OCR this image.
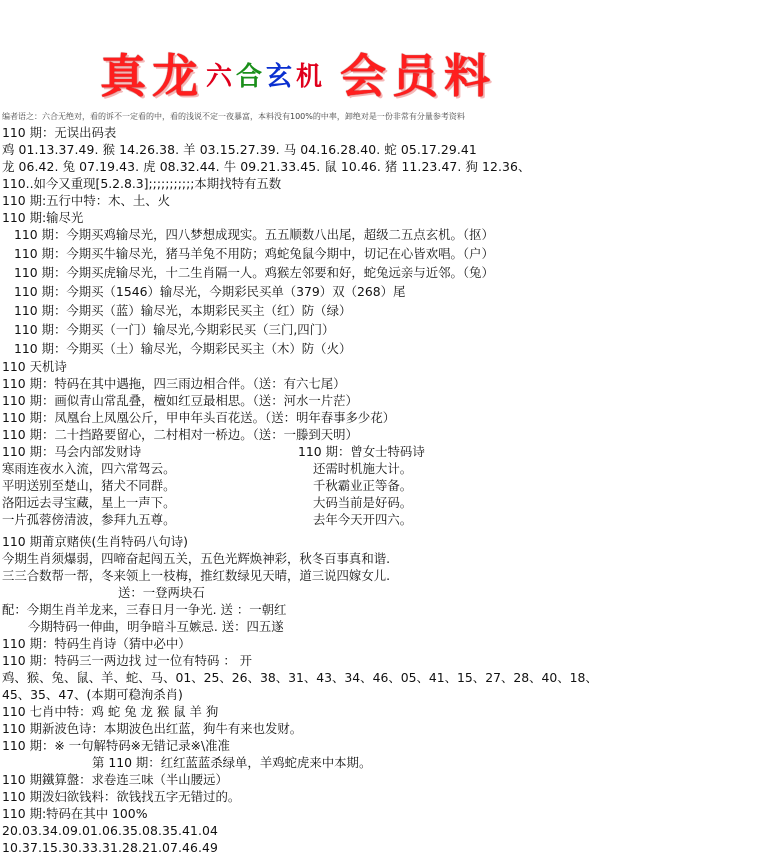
真 龙 六 合 玄 机 会 员 料
编者语之：六合无绝对，看的诉不一定看的中，看的浅说不定一夜暴富，本料没有100%的中率，卸绝对是一份非常有分量参考资料
110 期：无误出码表
鸡 01.13.37.49. 猴 14.26.38. 羊 03.15.27.39. 马 04.16.28.40. 蛇 05.17.29.41
龙 06.42. 兔 07.19.43. 虎 08.32.44. 牛 09.21.33.45. 鼠 10.46. 猪 11.23.47. 狗 12.36、
110..如今又重现[5.2.8.3];;;;;;;;;;;本期找特有五数
110 期:五行中特：木、土、火
110 期:输尽光
110 期：今期买鸡输尽光，四八梦想成现实。五五顺数八出尾，超级二五点玄机。（抠）
110 期：今期买牛输尽光，猪马羊兔不用防；鸡蛇兔鼠今期中，切记在心皆欢唱。（户）
110 期：今期买虎输尽光，十二生肖隔一人。鸡猴左邻要和好，蛇兔远亲与近邻。（兔）
110 期：今期买（1546）输尽光，今期彩民买单（379）双（268）尾
110 期：今期买（蓝）输尽光，本期彩民买主（红）防（绿）
110 期：今期买（一门）输尽光,今期彩民买（三门,四门）
110 期：今期买（土）输尽光，今期彩民买主（木）防（火）
110 天机诗
110 期：特码在其中遇拖，四三雨边相合伴。（送：有六七尾）
110 期：画似青山常乱叠，檀如红豆最相思。（送：河水一片茫）
110 期：凤凰台上凤凰公斤，甲申年头百花送。（送：明年春事多少花）
110 期：二十挡路要留心，二村相对一桥边。（送：一滕到天明）
110 期：马会内部发财诗	110 期：曾女士特码诗
寒雨连夜水入流，四六常驾云。	还需时机施大计。
平明送别至楚山，猪犬不同群。	千秋霸业正等备。
洛阳远去寻宝藏，星上一声下。	大码当前是好码。
一片孤蓉傍清波，参拜九五尊。	去年今天开四六。
110 期莆京赌侠(生肖特码八句诗)
今期生肖须爆弱，四啼奋起闯五关，五色光辉焕神彩，秋冬百事真和谐.
三三合数帮一帮，冬来领上一枝梅，推红数绿见天晴，道三说四嫁女儿.
送：一登两块石
配：今期生肖羊龙来，三春日月一争光. 送 ：一朝红
今期特码一伸曲，明争暗斗互嫉忌. 送：四五遂
110 期：特码生肖诗（猜中必中）
110 期：特码三一两边找 过一位有特码 ： 开
鸡、猴、兔、鼠、羊、蛇、马、01、25、26、38、31、43、34、46、05、41、15、27、28、40、18、
45、35、47、(本期可稳洵杀肖)
110 七肖中特：鸡 蛇 兔 龙 猴 鼠 羊 狗
110 期新波色诗：本期波色出红蓝，狗牛有来也发财。
110 期：※ 一句解特码※无错记录※\准准
第 110 期：红红蓝蓝杀绿单，羊鸡蛇虎来中本期。
110 期鐵算盤：求卷连三味（半山腰远）
110 期泼妇欲钱料：欲钱找五字无错过的。
110 期:特码在其中 100%
20.03.34.09.01.06.35.08.35.41.04
10.37.15.30.33.31.28.21.07.46.49
